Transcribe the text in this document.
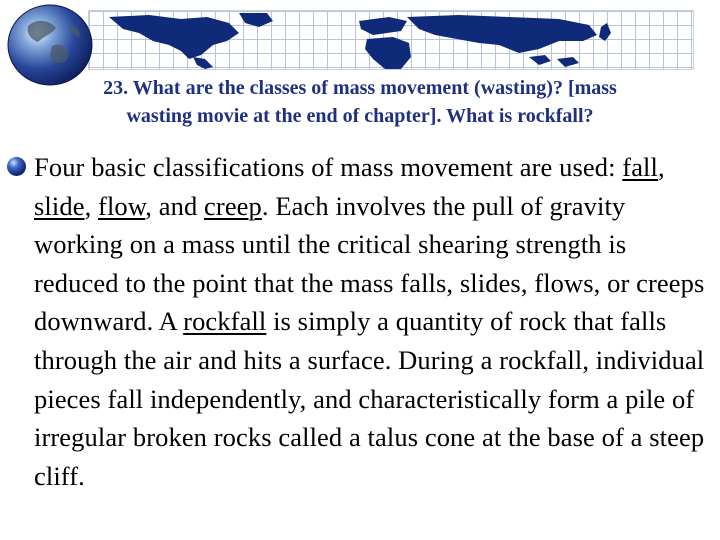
23. What are the classes of mass movement (wasting)? [mass
wasting movie at the end of chapter]. What is rockfall?
Four basic classifications of mass movement are used: fall, slide, flow, and creep. Each involves the pull of gravity working on a mass until the critical shearing strength is reduced to the point that the mass falls, slides, flows, or creeps downward. A rockfall is simply a quantity of rock that falls through the air and hits a surface. During a rockfall, individual pieces fall independently, and characteristically form a pile of irregular broken rocks called a talus cone at the base of a steep cliff.
